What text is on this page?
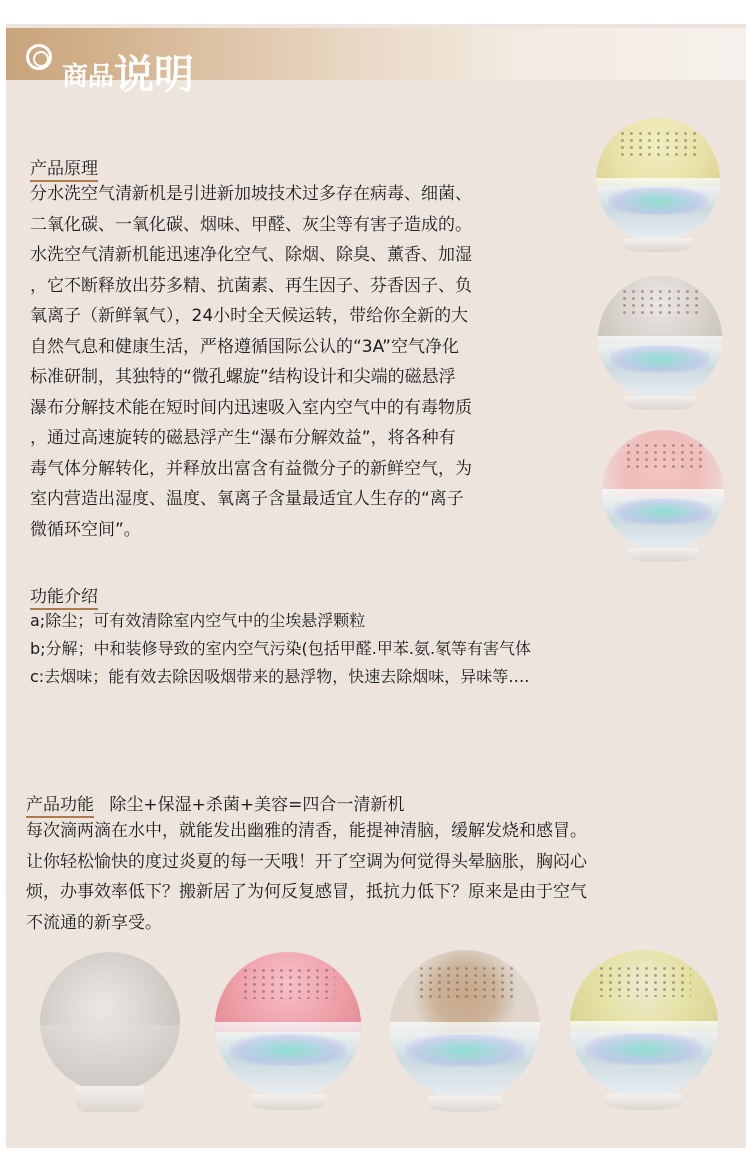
商品说明
产品原理

分水洗空气清新机是引进新加坡技术过多存在病毒、细菌、

二氧化碳、一氧化碳、烟味、甲醛、灰尘等有害子造成的。

水洗空气清新机能迅速净化空气、除烟、除臭、薰香、加湿

，它不断释放出芬多精、抗菌素、再生因子、芬香因子、负

氧离子（新鲜氧气），24小时全天候运转，带给你全新的大

自然气息和健康生活，严格遵循国际公认的“3A”空气净化

标准研制，其独特的“微孔螺旋”结构设计和尖端的磁悬浮

瀑布分解技术能在短时间内迅速吸入室内空气中的有毒物质

，通过高速旋转的磁悬浮产生“瀑布分解效益”，将各种有

毒气体分解转化，并释放出富含有益微分子的新鲜空气，为

室内营造出湿度、温度、氧离子含量最适宜人生存的“离子

微循环空间”。

功能介绍

a;除尘；可有效清除室内空气中的尘埃悬浮颗粒

b;分解；中和装修导致的室内空气污染(包括甲醛.甲苯.氨.氡等有害气体

c:去烟味；能有效去除因吸烟带来的悬浮物，快速去除烟味，异味等….

产品功能 除尘+保湿+杀菌+美容=四合一清新机

每次滴两滴在水中，就能发出幽雅的清香，能提神清脑，缓解发烧和感冒。

让你轻松愉快的度过炎夏的每一天哦！开了空调为何觉得头晕脑胀，胸闷心

烦，办事效率低下？搬新居了为何反复感冒，抵抗力低下？原来是由于空气

不流通的新享受。
